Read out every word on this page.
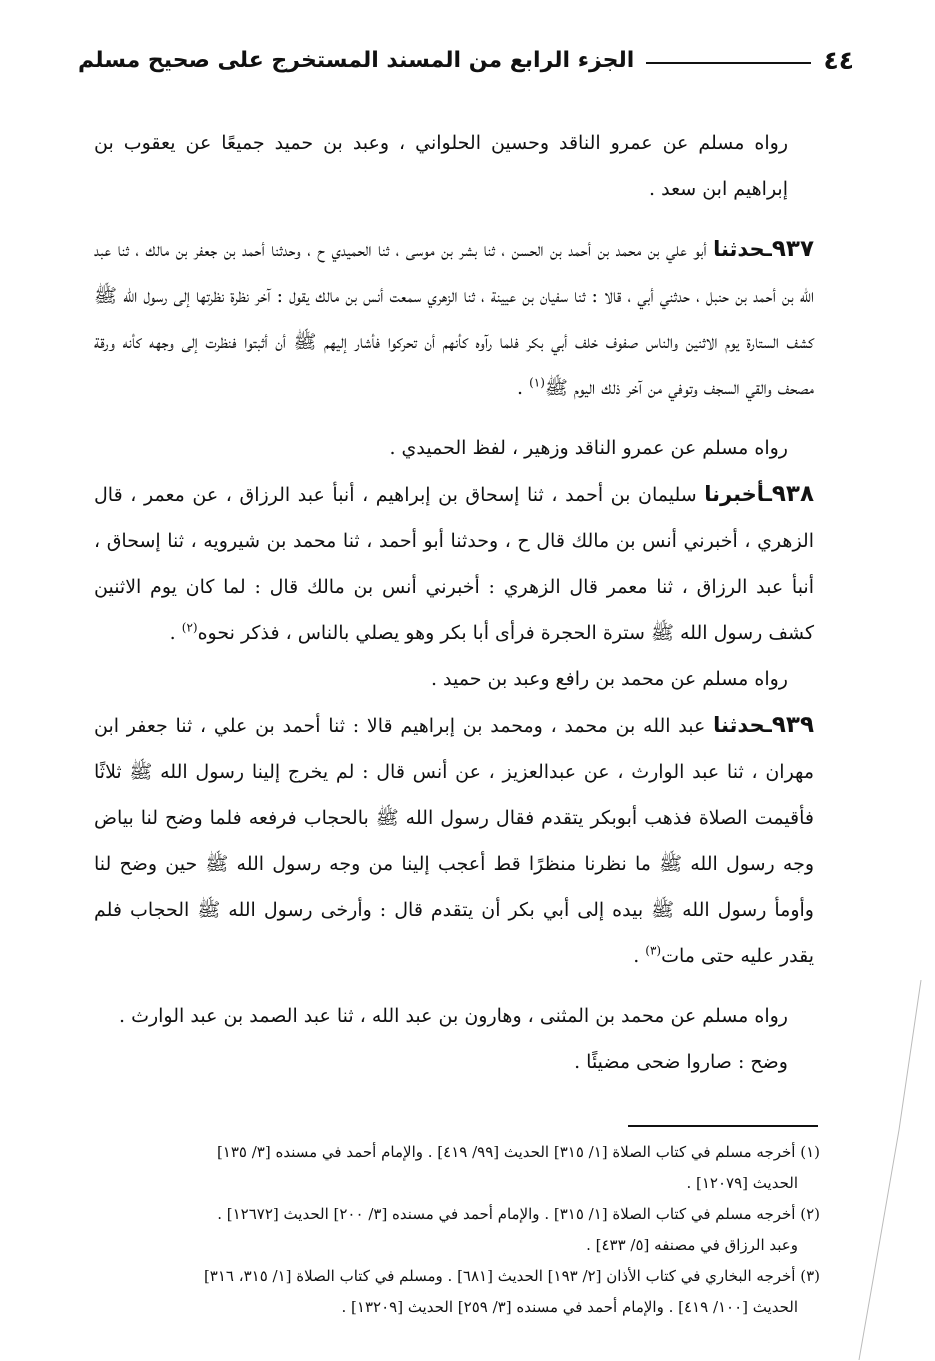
٤٤
الجزء الرابع من المسند المستخرج على صحيح مسلم

رواه مسلم عن عمرو الناقد وحسين الحلواني ، وعبد بن حميد جميعًا عن يعقوب بن إبراهيم ابن سعد .

٩٣٧ـحدثنا أبو علي بن محمد بن أحمد بن الحسن ، ثنا بشر بن موسى ، ثنا الحميدي ح ، وحدثنا أحمد بن جعفر بن مالك ، ثنا عبد الله بن أحمد بن حنبل ، حدثني أبي ، قالا : ثنا سفيان بن عيينة ، ثنا الزهري سمعت أنس بن مالك يقول : آخر نظرة نظرتها إلى رسول الله ﷺ كشف الستارة يوم الاثنين والناس صفوف خلف أبي بكر فلما رآوه كأنهم أن تحركوا فأشار إليهم ﷺ أن أثبتوا فنظرت إلى وجهه كأنه ورقة مصحف والقي السجف وتوفي من آخر ذلك اليوم ﷺ$^{(١)}$ .

رواه مسلم عن عمرو الناقد وزهير ، لفظ الحميدي .

٩٣٨ـأخبرنا سليمان بن أحمد ، ثنا إسحاق بن إبراهيم ، أنبأ عبد الرزاق ، عن معمر ، قال الزهري ، أخبرني أنس بن مالك قال ح ، وحدثنا أبو أحمد ، ثنا محمد بن شيرويه ، ثنا إسحاق ، أنبأ عبد الرزاق ، ثنا معمر قال الزهري : أخبرني أنس بن مالك قال : لما كان يوم الاثنين كشف رسول الله ﷺ سترة الحجرة فرأى أبا بكر وهو يصلي بالناس ، فذكر نحوه$^{(٢)}$ .

رواه مسلم عن محمد بن رافع وعبد بن حميد .

٩٣٩ـحدثنا عبد الله بن محمد ، ومحمد بن إبراهيم قالا : ثنا أحمد بن علي ، ثنا جعفر ابن مهران ، ثنا عبد الوارث ، عن عبدالعزيز ، عن أنس قال : لم يخرج إلينا رسول الله ﷺ ثلاثًا فأقيمت الصلاة فذهب أبوبكر يتقدم فقال رسول الله ﷺ بالحجاب فرفعه فلما وضح لنا بياض وجه رسول الله ﷺ ما نظرنا منظرًا قط أعجب إلينا من وجه رسول الله ﷺ حين وضح لنا وأومأ رسول الله ﷺ بيده إلى أبي بكر أن يتقدم قال : وأرخى رسول الله ﷺ الحجاب فلم يقدر عليه حتى مات$^{(٣)}$ .

رواه مسلم عن محمد بن المثنى ، وهارون بن عبد الله ، ثنا عبد الصمد بن عبد الوارث .

وضح : صاروا ضحى مضيئًا .

(١) أخرجه مسلم في كتاب الصلاة [١/ ٣١٥] الحديث [٩٩/ ٤١٩] . والإمام أحمد في مسنده [٣/ ١٣٥]

الحديث [١٢٠٧٩] .

(٢) أخرجه مسلم في كتاب الصلاة [١/ ٣١٥] . والإمام أحمد في مسنده [٣/ ٢٠٠] الحديث [١٢٦٧٢] .

وعبد الرزاق في مصنفه [٥/ ٤٣٣] .

(٣) أخرجه البخاري في كتاب الأذان [٢/ ١٩٣] الحديث [٦٨١] . ومسلم في كتاب الصلاة [١/ ٣١٥، ٣١٦]

الحديث [١٠٠/ ٤١٩] . والإمام أحمد في مسنده [٣/ ٢٥٩] الحديث [١٣٢٠٩] .
